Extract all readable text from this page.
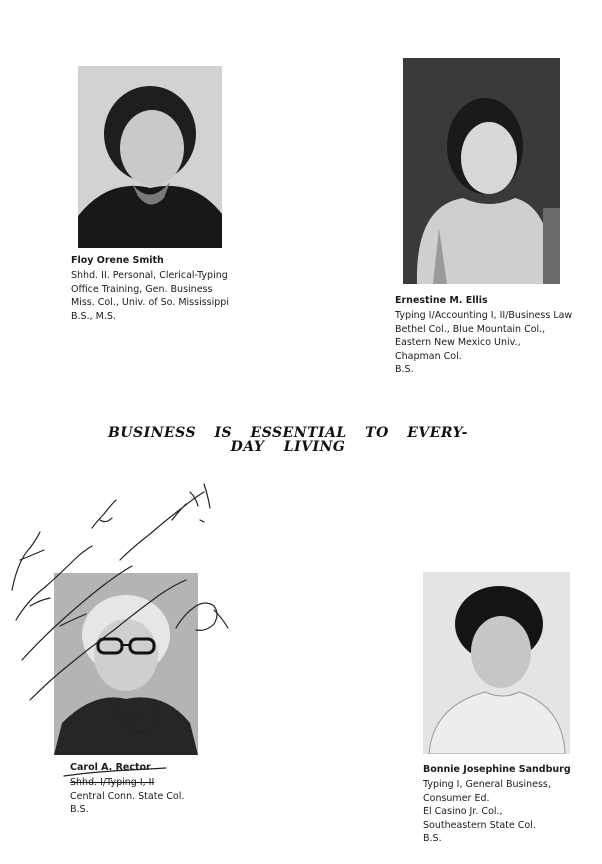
Floy Orene Smith
Shhd. II. Personal, Clerical-Typing
Office Training, Gen. Business
Miss. Col., Univ. of So. Mississippi
B.S., M.S.
Ernestine M. Ellis
Typing I/Accounting I, II/Business Law
Bethel Col., Blue Mountain Col.,
Eastern New Mexico Univ.,
Chapman Col.
B.S.
BUSINESS IS ESSENTIAL TO EVERY-
DAY LIVING
Carol A. Rector
Shhd. I/Typing I, II
Central Conn. State Col.
B.S.
Bonnie Josephine Sandburg
Typing I, General Business,
Consumer Ed.
El Casino Jr. Col.,
Southeastern State Col.
B.S.
